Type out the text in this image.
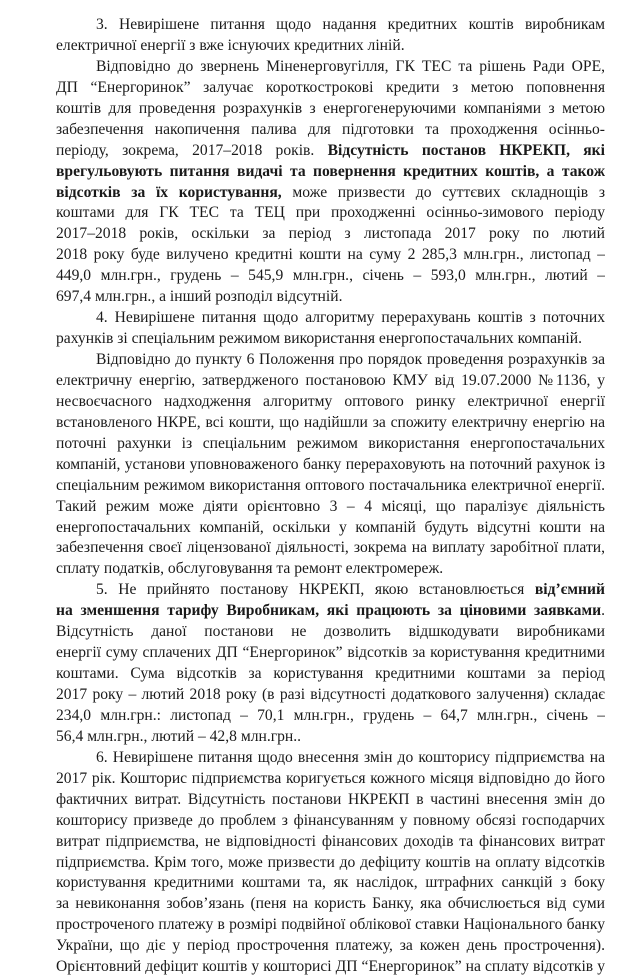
3. Невирішене питання щодо надання кредитних коштів виробникам
електричної енергії з вже існуючих кредитних ліній.
Відповідно до звернень Міненерговугілля, ГК ТЕС та рішень Ради ОРЕ,
ДП “Енергоринок” залучає короткострокові кредити з метою поповнення
коштів для проведення розрахунків з енергогенеруючими компаніями з метою
забезпечення накопичення палива для підготовки та проходження осінньо-
періоду, зокрема, 2017–2018 років. Відсутність постанов НКРЕКП, які
врегульовують питання видачі та повернення кредитних коштів, а також
відсотків за їх користування, може призвести до суттєвих складнощів з
коштами для ГК ТЕС та ТЕЦ при проходженні осінньо-зимового періоду
2017–2018 років, оскільки за період з листопада 2017 року по лютий
2018 року буде вилучено кредитні кошти на суму 2 285,3 млн.грн., листопад –
449,0 млн.грн., грудень – 545,9 млн.грн., січень – 593,0 млн.грн., лютий –
697,4 млн.грн., а інший розподіл відсутній.
4. Невирішене питання щодо алгоритму перерахувань коштів з поточних
рахунків зі спеціальним режимом використання енергопостачальних компаній.
Відповідно до пункту 6 Положення про порядок проведення розрахунків за
електричну енергію, затвердженого постановою КМУ від 19.07.2000 №1136, у
несвоєчасного надходження алгоритму оптового ринку електричної енергії
встановленого НКРЕ, всі кошти, що надійшли за спожиту електричну енергію на
поточні рахунки із спеціальним режимом використання енергопостачальних
компаній, установи уповноваженого банку перераховують на поточний рахунок із
спеціальним режимом використання оптового постачальника електричної енергії.
Такий режим може діяти орієнтовно 3 – 4 місяці, що паралізує діяльність
енергопостачальних компаній, оскільки у компаній будуть відсутні кошти на
забезпечення своєї ліцензованої діяльності, зокрема на виплату заробітної плати,
сплату податків, обслуговування та ремонт електромереж.
5. Не прийнято постанову НКРЕКП, якою встановлюється від’ємний
на зменшення тарифу Виробникам, які працюють за ціновими заявками.
Відсутність даної постанови не дозволить відшкодувати виробниками
енергії суму сплачених ДП “Енергоринок” відсотків за користування кредитними
коштами. Сума відсотків за користування кредитними коштами за період
2017 року – лютий 2018 року (в разі відсутності додаткового залучення) складає
234,0 млн.грн.: листопад – 70,1 млн.грн., грудень – 64,7 млн.грн., січень –
56,4 млн.грн., лютий – 42,8 млн.грн..
6. Невирішене питання щодо внесення змін до кошторису підприємства на
2017 рік. Кошторис підприємства коригується кожного місяця відповідно до його
фактичних витрат. Відсутність постанови НКРЕКП в частині внесення змін до
кошторису призведе до проблем з фінансуванням у повному обсязі господарчих
витрат підприємства, не відповідності фінансових доходів та фінансових витрат
підприємства. Крім того, може призвести до дефіциту коштів на оплату відсотків
користування кредитними коштами та, як наслідок, штрафних санкцій з боку
за невиконання зобов’язань (пеня на користь Банку, яка обчислюється від суми
простроченого платежу в розмірі подвійної облікової ставки Національного банку
України, що діє у період прострочення платежу, за кожен день прострочення).
Орієнтовний дефіцит коштів у кошторисі ДП “Енергоринок” на сплату відсотків у
